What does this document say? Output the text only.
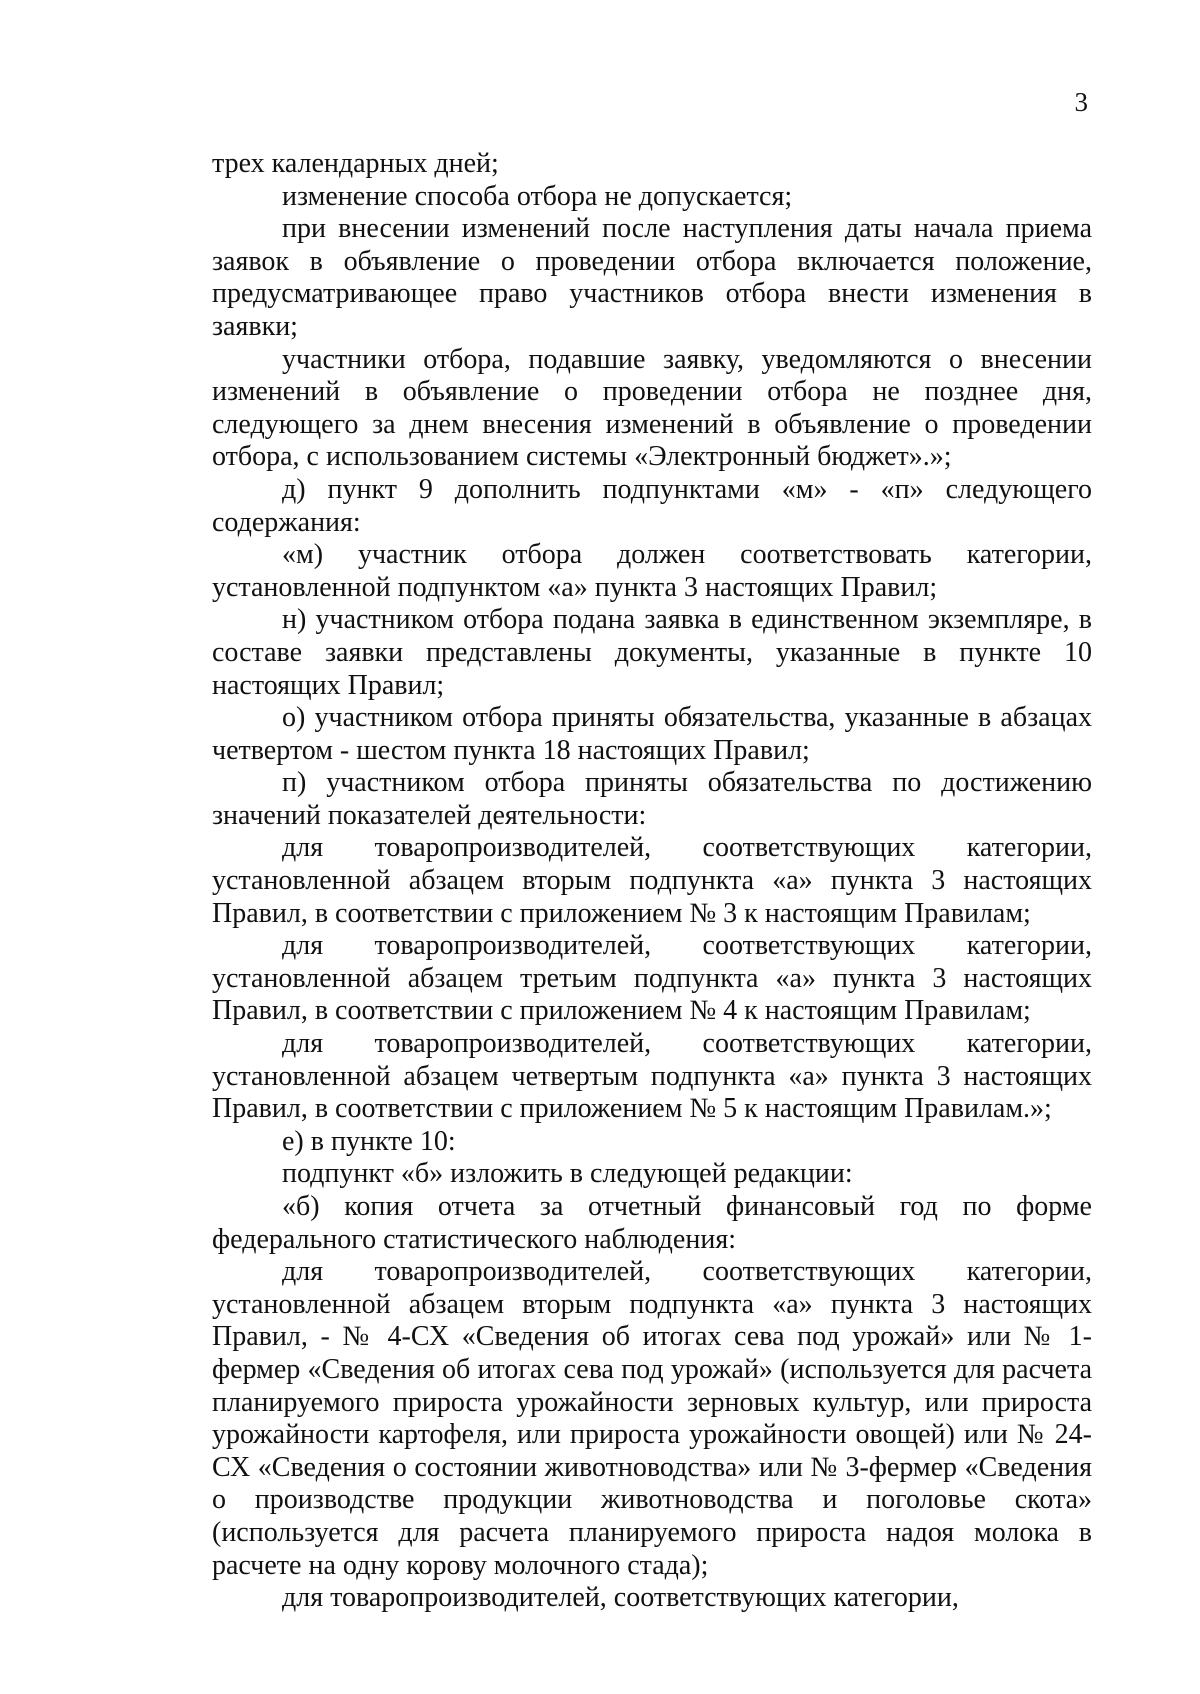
3

трех календарных дней;

изменение способа отбора не допускается;

при внесении изменений после наступления даты начала приема заявок в объявление о проведении отбора включается положение, предусматривающее право участников отбора внести изменения в заявки;

участники отбора, подавшие заявку, уведомляются о внесении изменений в объявление о проведении отбора не позднее дня, следующего за днем внесения изменений в объявление о проведении отбора, с использованием системы «Электронный бюджет».»;

д) пункт 9 дополнить подпунктами «м» - «п» следующего содержания:

«м) участник отбора должен соответствовать категории, установленной подпунктом «а» пункта 3 настоящих Правил;

н) участником отбора подана заявка в единственном экземпляре, в составе заявки представлены документы, указанные в пункте 10 настоящих Правил;

о) участником отбора приняты обязательства, указанные в абзацах четвертом - шестом пункта 18 настоящих Правил;

п) участником отбора приняты обязательства по достижению значений показателей деятельности:

для товаропроизводителей, соответствующих категории, установленной абзацем вторым подпункта «а» пункта 3 настоящих Правил, в соответствии с приложением № 3 к настоящим Правилам;

для товаропроизводителей, соответствующих категории, установленной абзацем третьим подпункта «а» пункта 3 настоящих Правил, в соответствии с приложением № 4 к настоящим Правилам;

для товаропроизводителей, соответствующих категории, установленной абзацем четвертым подпункта «а» пункта 3 настоящих Правил, в соответствии с приложением № 5 к настоящим Правилам.»;

е) в пункте 10:

подпункт «б» изложить в следующей редакции:

«б) копия отчета за отчетный финансовый год по форме федерального статистического наблюдения:

для товаропроизводителей, соответствующих категории, установленной абзацем вторым подпункта «а» пункта 3 настоящих Правил, - № 4-СХ «Сведения об итогах сева под урожай» или № 1-фермер «Сведения об итогах сева под урожай» (используется для расчета планируемого прироста урожайности зерновых культур, или прироста урожайности картофеля, или прироста урожайности овощей) или № 24-СХ «Сведения о состоянии животноводства» или № 3-фермер «Сведения о производстве продукции животноводства и поголовье скота» (используется для расчета планируемого прироста надоя молока в расчете на одну корову молочного стада);

для товаропроизводителей, соответствующих категории,
